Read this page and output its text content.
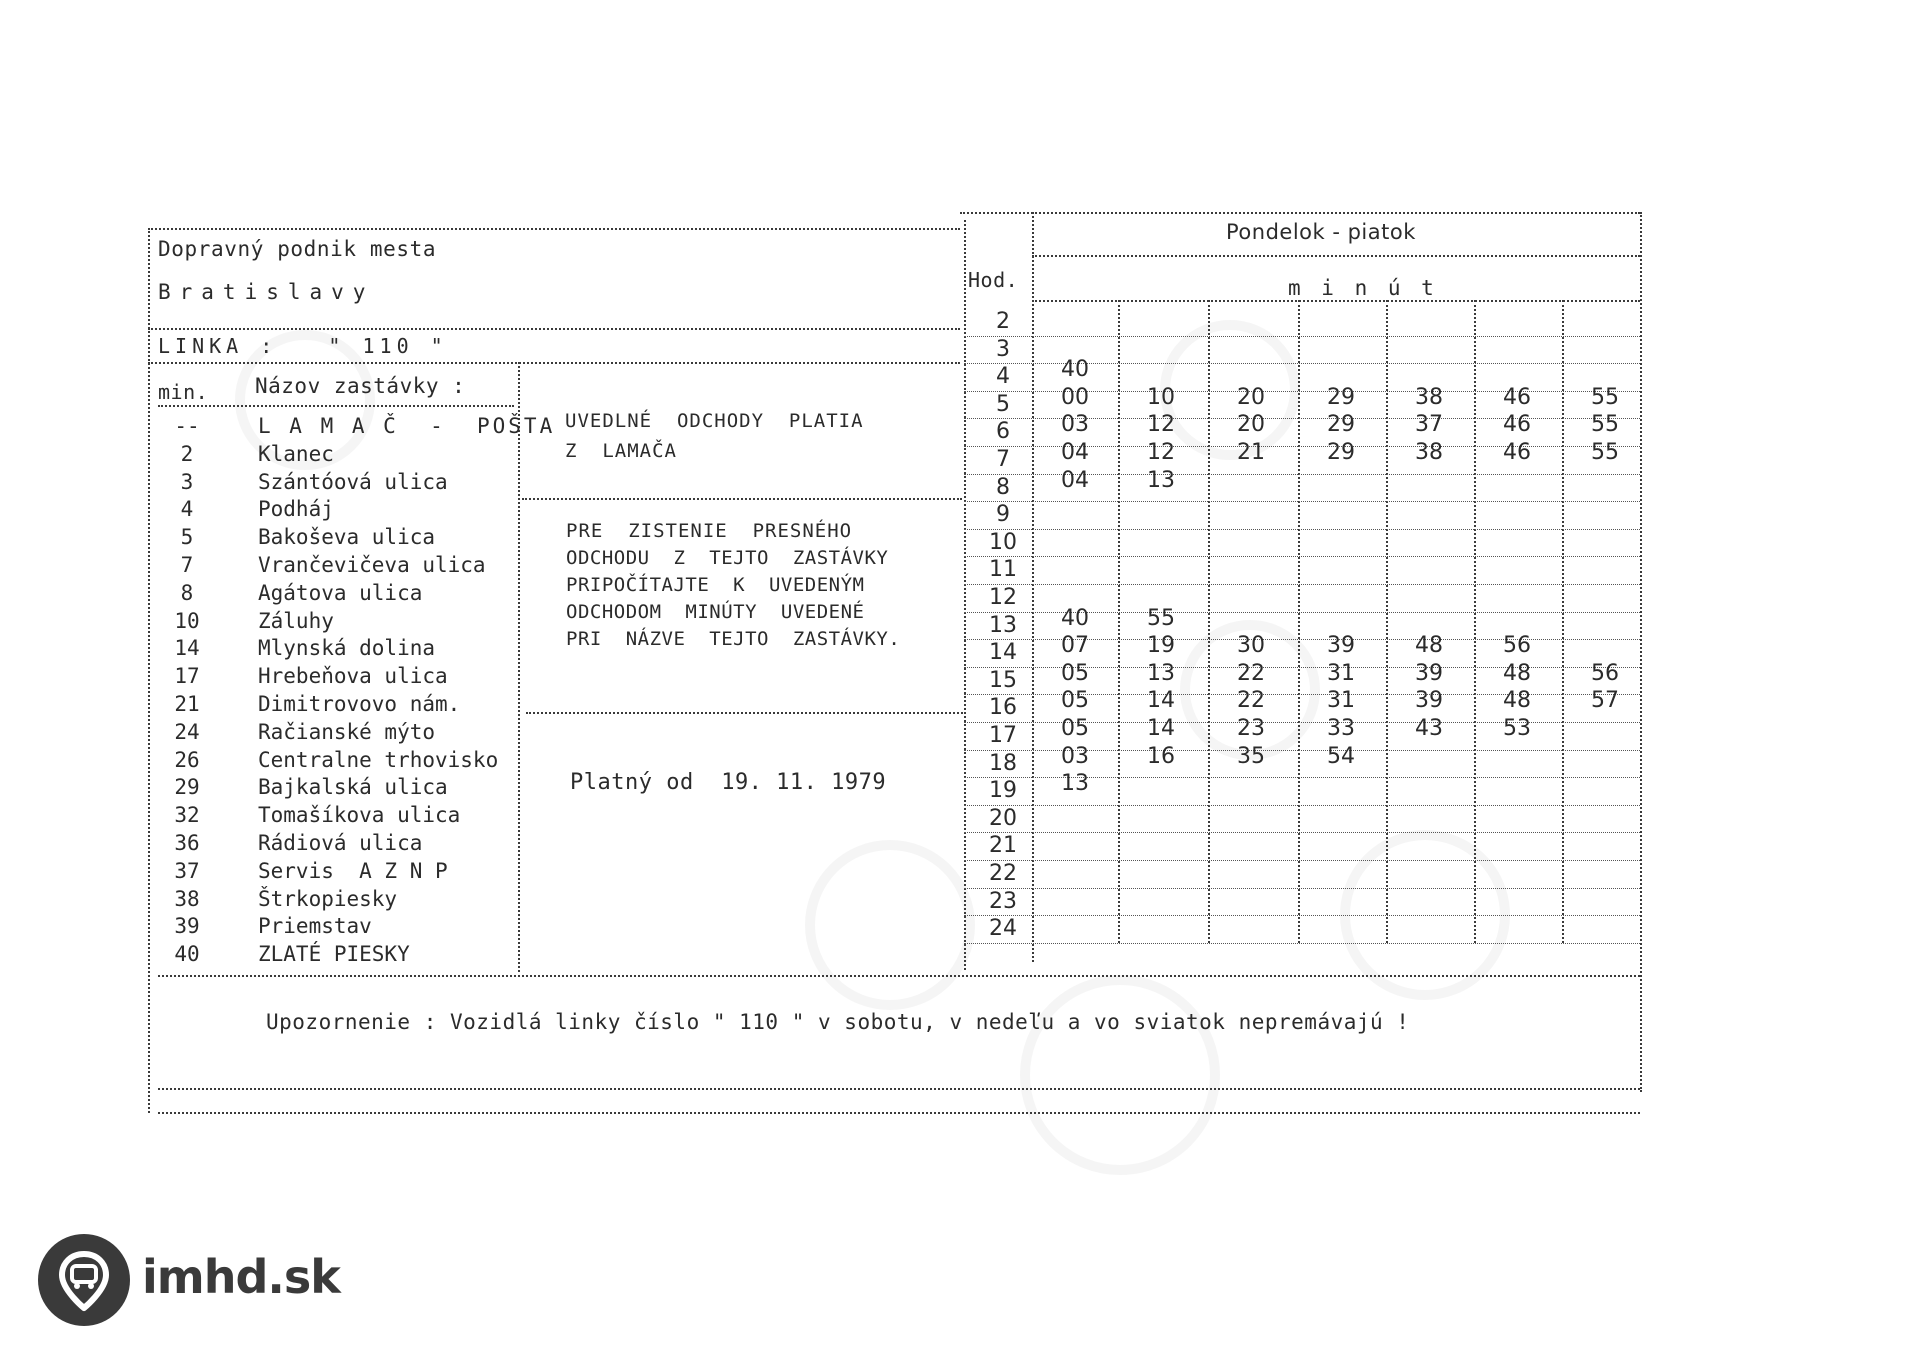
Dopravný podnik mesta
Bratislavy
LINKA :   " 110 "
min. Názov zastávky :
--	L A M A Č  -  POŠTA
2	Klanec
3	Szántóová ulica
4	Podháj
5	Bakoševa ulica
7	Vrančevičeva ulica
8	Agátova ulica
10	Záluhy
14	Mlynská dolina
17	Hrebeňova ulica
21	Dimitrovovo nám.
24	Račianské mýto
26	Centralne trhovisko
29	Bajkalská ulica
32	Tomašíkova ulica
36	Rádiová ulica
37	Servis  A Z N P
38	Štrkopiesky
39	Priemstav
40	ZLATÉ PIESKY
UVEDLNÉ  ODCHODY  PLATIA
Z  LAMAČA
PRE  ZISTENIE  PRESNÉHO
ODCHODU  Z  TEJTO  ZASTÁVKY
PRIPOČÍTAJTE  K  UVEDENÝM
ODCHODOM  MINÚTY  UVEDENÉ
PRI  NÁZVE  TEJTO  ZASTÁVKY.
Platný od  19. 11. 1979
Hod.
Pondelok - piatok
m i n ú t
2
3
4	40
5	00	10	20	29	38	46	55
6	03	12	20	29	37	46	55
7	04	12	21	29	38	46	55
8	04	13
9
10
11
12
13	40	55
14	07	19	30	39	48	56
15	05	13	22	31	39	48	56
16	05	14	22	31	39	48	57
17	05	14	23	33	43	53
18	03	16	35	54
19	13
20
21
22
23
24
Upozornenie : Vozidlá linky číslo " 110 " v sobotu, v nedeľu a vo sviatok nepremávajú !
imhd.sk
